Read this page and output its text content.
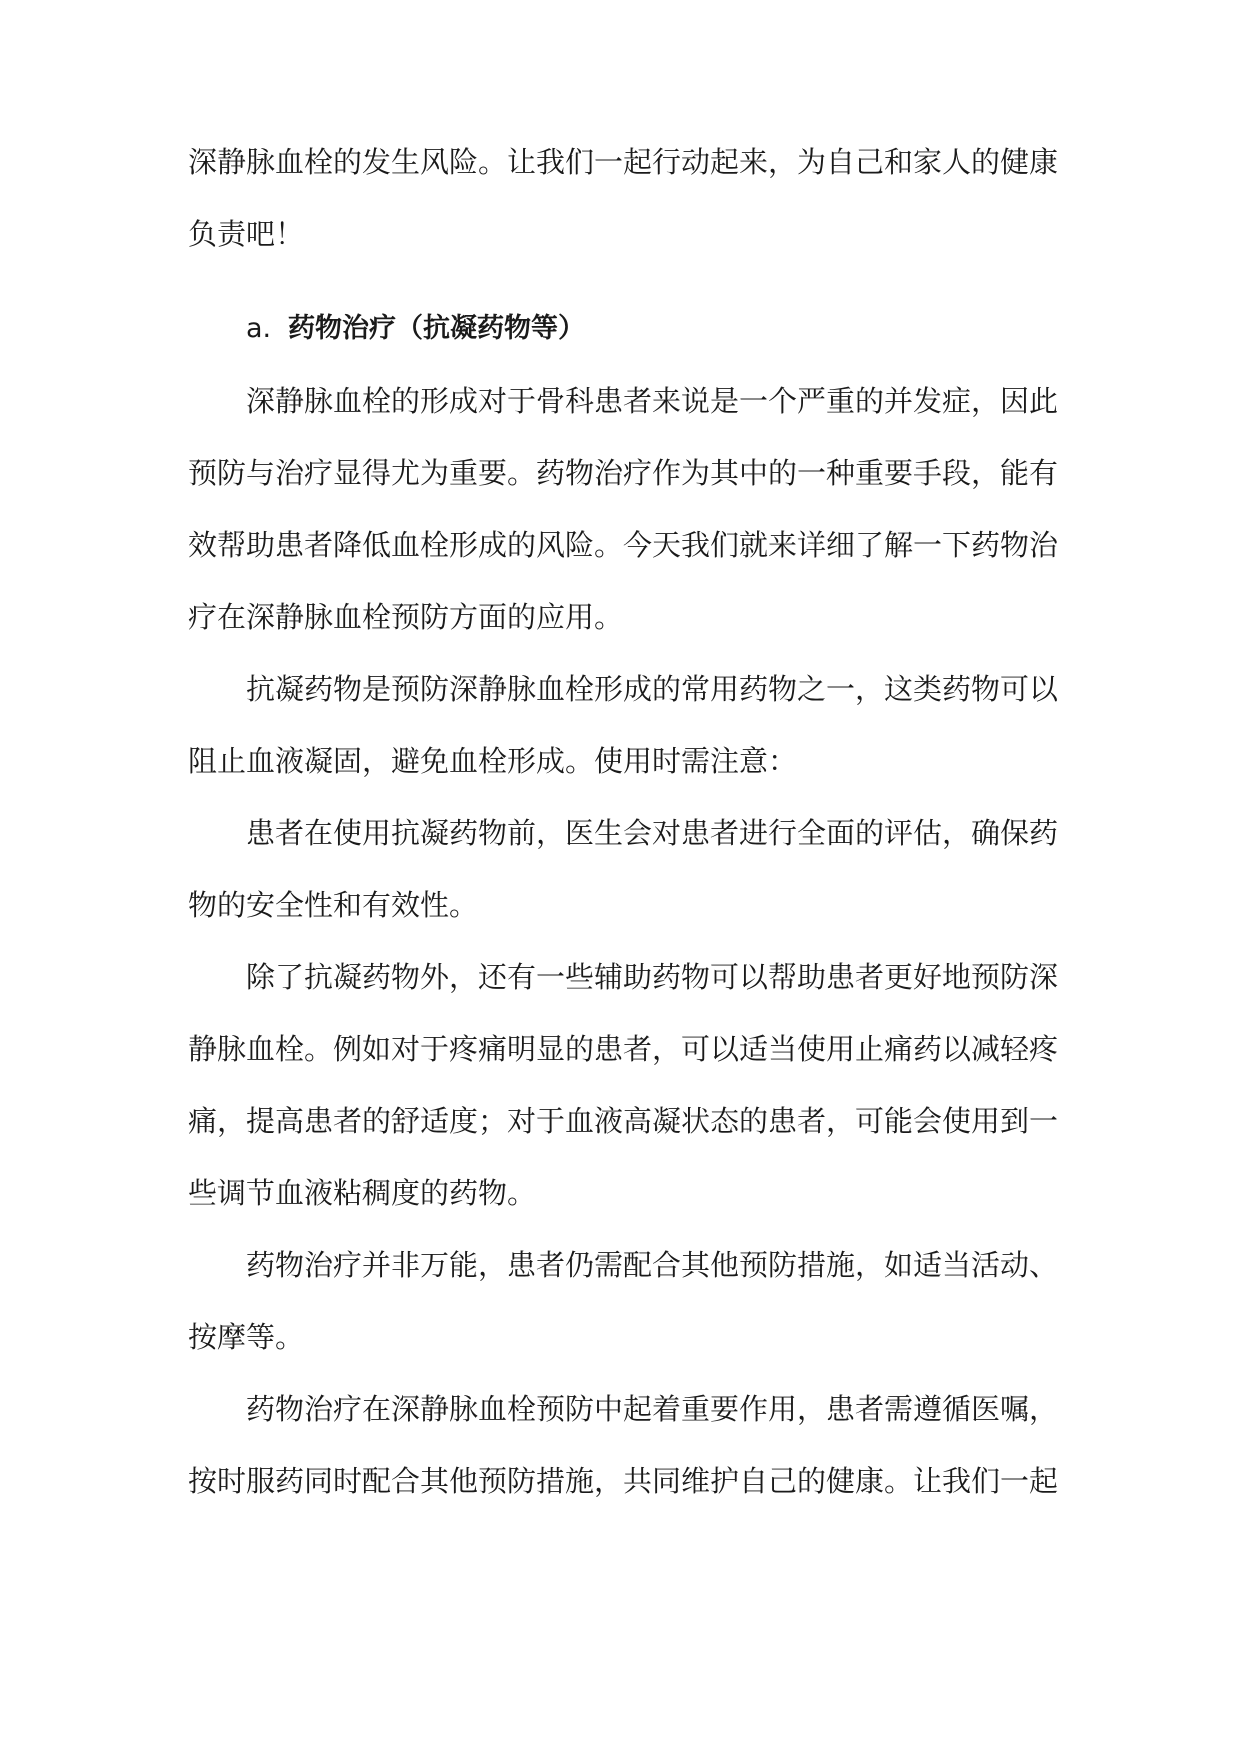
深静脉血栓的发生风险。让我们一起行动起来，为自己和家人的健康
负责吧！
a. 药物治疗（抗凝药物等）
深静脉血栓的形成对于骨科患者来说是一个严重的并发症，因此
预防与治疗显得尤为重要。药物治疗作为其中的一种重要手段，能有
效帮助患者降低血栓形成的风险。今天我们就来详细了解一下药物治
疗在深静脉血栓预防方面的应用。
抗凝药物是预防深静脉血栓形成的常用药物之一，这类药物可以
阻止血液凝固，避免血栓形成。使用时需注意：
患者在使用抗凝药物前，医生会对患者进行全面的评估，确保药
物的安全性和有效性。
除了抗凝药物外，还有一些辅助药物可以帮助患者更好地预防深
静脉血栓。例如对于疼痛明显的患者，可以适当使用止痛药以减轻疼
痛，提高患者的舒适度；对于血液高凝状态的患者，可能会使用到一
些调节血液粘稠度的药物。
药物治疗并非万能，患者仍需配合其他预防措施，如适当活动、
按摩等。
药物治疗在深静脉血栓预防中起着重要作用，患者需遵循医嘱，
按时服药同时配合其他预防措施，共同维护自己的健康。让我们一起
